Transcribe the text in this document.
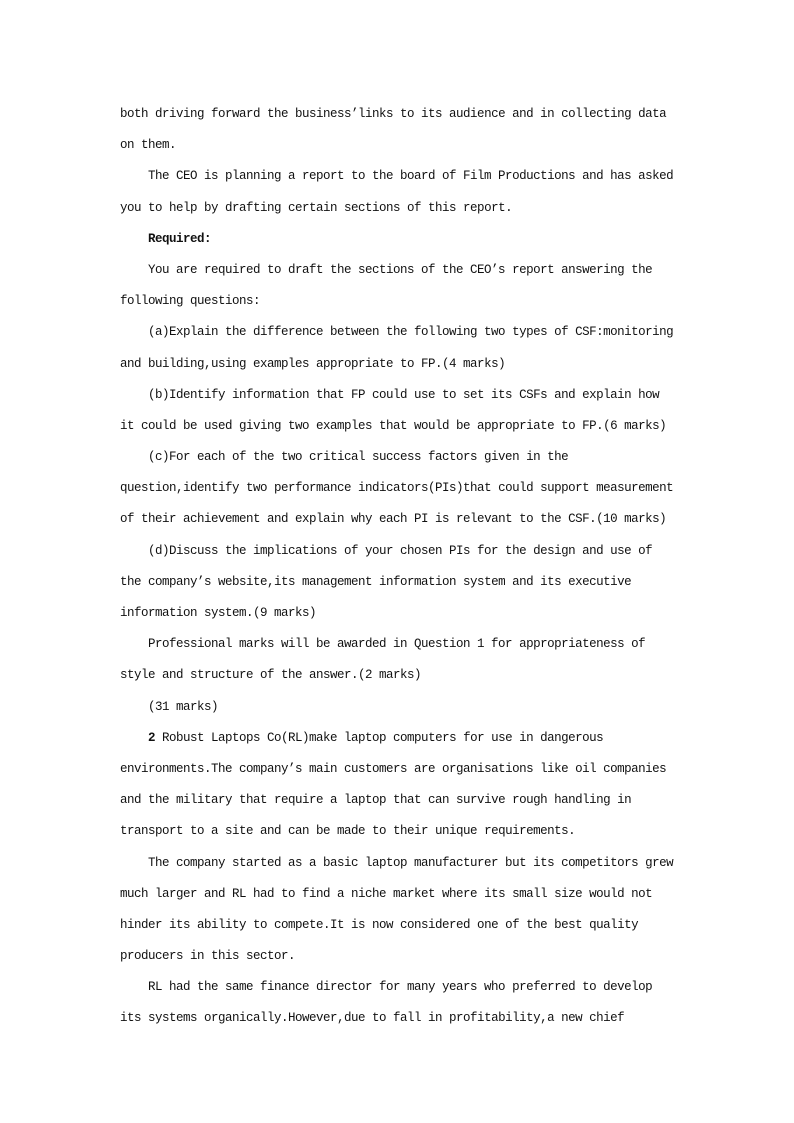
both driving forward the business’links to its audience and in collecting data
on them.
The CEO is planning a report to the board of Film Productions and has asked
you to help by drafting certain sections of this report.
Required:
You are required to draft the sections of the CEO’s report answering the
following questions:
(a)Explain the difference between the following two types of CSF:monitoring
and building,using examples appropriate to FP.(4 marks)
(b)Identify information that FP could use to set its CSFs and explain how
it could be used giving two examples that would be appropriate to FP.(6 marks)
(c)For each of the two critical success factors given in the
question,identify two performance indicators(PIs)that could support measurement
of their achievement and explain why each PI is relevant to the CSF.(10 marks)
(d)Discuss the implications of your chosen PIs for the design and use of
the company’s website,its management information system and its executive
information system.(9 marks)
Professional marks will be awarded in Question 1 for appropriateness of
style and structure of the answer.(2 marks)
(31 marks)
2 Robust Laptops Co(RL)make laptop computers for use in dangerous
environments.The company’s main customers are organisations like oil companies
and the military that require a laptop that can survive rough handling in
transport to a site and can be made to their unique requirements.
The company started as a basic laptop manufacturer but its competitors grew
much larger and RL had to find a niche market where its small size would not
hinder its ability to compete.It is now considered one of the best quality
producers in this sector.
RL had the same finance director for many years who preferred to develop
its systems organically.However,due to fall in profitability,a new chief
